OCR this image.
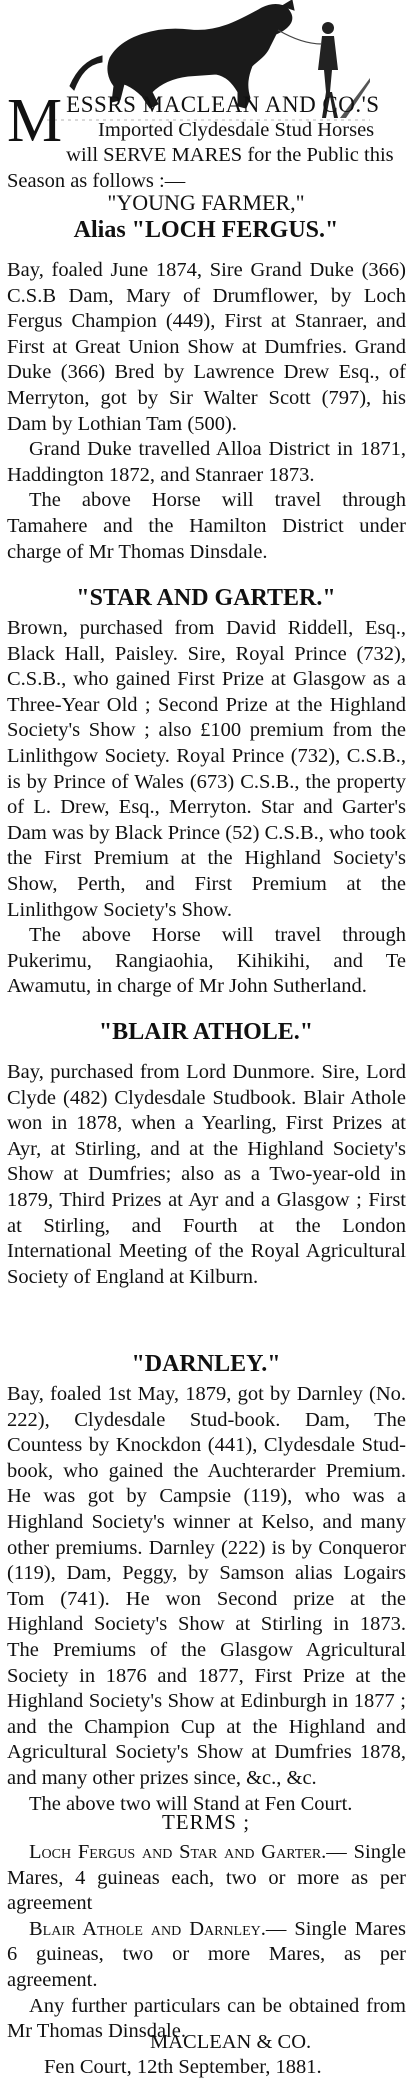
M ESSRS MACLEAN AND CO.'S

Imported Clydesdale Stud Horses

will SERVE MARES for the Public this

Season as follows :—

"YOUNG FARMER,"
Alias "LOCH FERGUS."

Bay, foaled June 1874, Sire Grand Duke (366) C.S.B Dam, Mary of Drumflower, by Loch Fergus Champion (449), First at Stanraer, and First at Great Union Show at Dumfries. Grand Duke (366) Bred by Lawrence Drew Esq., of Merryton, got by Sir Walter Scott (797), his Dam by Lothian Tam (500).

Grand Duke travelled Alloa District in 1871, Haddington 1872, and Stanraer 1873.

The above Horse will travel through Tamahere and the Hamilton District under charge of Mr Thomas Dinsdale.

"STAR AND GARTER."

Brown, purchased from David Riddell, Esq., Black Hall, Paisley. Sire, Royal Prince (732), C.S.B., who gained First Prize at Glasgow as a Three-Year Old ; Second Prize at the Highland Society's Show ; also £100 premium from the Linlithgow Society. Royal Prince (732), C.S.B., is by Prince of Wales (673) C.S.B., the property of L. Drew, Esq., Merryton. Star and Garter's Dam was by Black Prince (52) C.S.B., who took the First Premium at the Highland Society's Show, Perth, and First Premium at the Linlithgow Society's Show.

The above Horse will travel through Pukerimu, Rangiaohia, Kihikihi, and Te Awamutu, in charge of Mr John Sutherland.

"BLAIR ATHOLE."

Bay, purchased from Lord Dunmore. Sire, Lord Clyde (482) Clydesdale Studbook. Blair Athole won in 1878, when a Yearling, First Prizes at Ayr, at Stirling, and at the Highland Society's Show at Dumfries; also as a Two-year-old in 1879, Third Prizes at Ayr and a Glasgow ; First at Stirling, and Fourth at the London International Meeting of the Royal Agricultural Society of England at Kilburn.

"DARNLEY."

Bay, foaled 1st May, 1879, got by Darnley (No. 222), Clydesdale Stud-book. Dam, The Countess by Knockdon (441), Clydesdale Stud-book, who gained the Auchterarder Premium. He was got by Campsie (119), who was a Highland Society's winner at Kelso, and many other premiums. Darnley (222) is by Conqueror (119), Dam, Peggy, by Samson alias Logairs Tom (741). He won Second prize at the Highland Society's Show at Stirling in 1873. The Premiums of the Glasgow Agricultural Society in 1876 and 1877, First Prize at the Highland Society's Show at Edinburgh in 1877 ; and the Champion Cup at the Highland and Agricultural Society's Show at Dumfries 1878, and many other prizes since, &c., &c.

The above two will Stand at Fen Court.

TERMS ;

Loch Fergus and Star and Garter.— Single Mares, 4 guineas each, two or more as per agreement

Blair Athole and Darnley.— Single Mares 6 guineas, two or more Mares, as per agreement.

Any further particulars can be obtained from Mr Thomas Dinsdale.

MACLEAN & CO.
Fen Court, 12th September, 1881.
